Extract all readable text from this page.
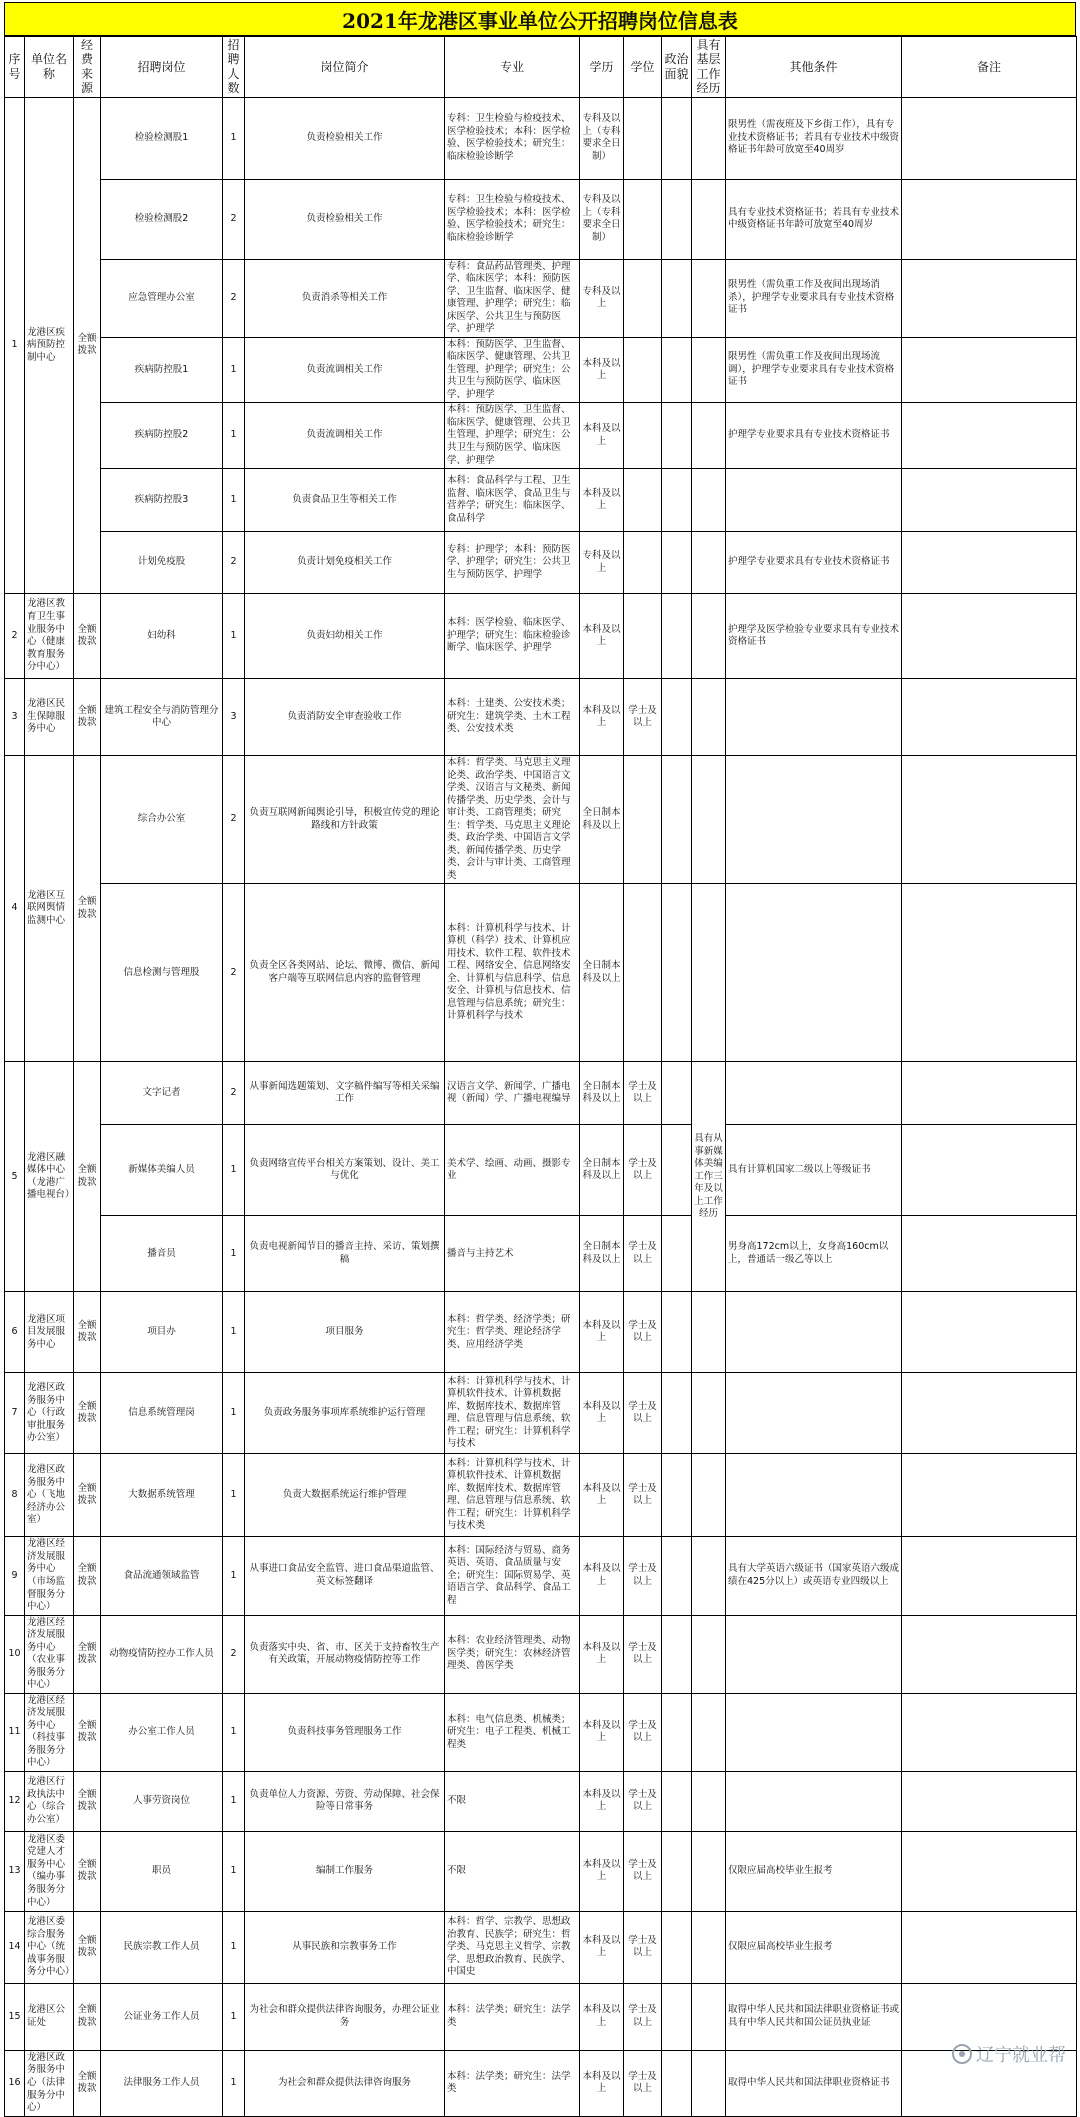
2021年龙港区事业单位公开招聘岗位信息表
序号	单位名称	经费来源	招聘岗位	招聘人数	岗位简介	专业	学历	学位	政治面貌	具有基层工作经历	其他条件	备注
1	龙港区疾病预防控制中心	全额拨款	检验检测股1	1	负责检验相关工作	专科：卫生检验与检疫技术、医学检验技术；本科：医学检验、医学检验技术；研究生：临床检验诊断学	专科及以上（专科要求全日制）				限男性（需夜班及下乡街工作），具有专业技术资格证书；若具有专业技术中级资格证书年龄可放宽至40周岁	
			检验检测股2	2	负责检验相关工作	专科：卫生检验与检疫技术、医学检验技术；本科：医学检验、医学检验技术；研究生：临床检验诊断学	专科及以上（专科要求全日制）				具有专业技术资格证书；若具有专业技术中级资格证书年龄可放宽至40周岁	
			应急管理办公室	2	负责消杀等相关工作	专科：食品药品管理类、护理学、临床医学；本科：预防医学、卫生监督、临床医学、健康管理、护理学；研究生：临床医学、公共卫生与预防医学、护理学	专科及以上				限男性（需负重工作及夜间出现场消杀），护理学专业要求具有专业技术资格证书	
			疾病防控股1	1	负责流调相关工作	本科：预防医学、卫生监督、临床医学、健康管理、公共卫生管理、护理学；研究生：公共卫生与预防医学、临床医学、护理学	本科及以上				限男性（需负重工作及夜间出现场流调），护理学专业要求具有专业技术资格证书	
			疾病防控股2	1	负责流调相关工作	本科：预防医学、卫生监督、临床医学、健康管理、公共卫生管理、护理学；研究生：公共卫生与预防医学、临床医学、护理学	本科及以上				护理学专业要求具有专业技术资格证书	
			疾病防控股3	1	负责食品卫生等相关工作	本科：食品科学与工程、卫生监督、临床医学、食品卫生与营养学；研究生：临床医学、食品科学	本科及以上					
			计划免疫股	2	负责计划免疫相关工作	专科：护理学；本科：预防医学、护理学；研究生：公共卫生与预防医学、护理学	专科及以上				护理学专业要求具有专业技术资格证书	
2	龙港区教育卫生事业服务中心（健康教育服务分中心）	全额拨款	妇幼科	1	负责妇幼相关工作	本科：医学检验、临床医学、护理学；研究生：临床检验诊断学、临床医学、护理学	本科及以上				护理学及医学检验专业要求具有专业技术资格证书	
3	龙港区民生保障服务中心	全额拨款	建筑工程安全与消防管理分中心	3	负责消防安全审查验收工作	本科：土建类、公安技术类；研究生：建筑学类、土木工程类、公安技术类	本科及以上	学士及以上				
4	龙港区互联网舆情监测中心	全额拨款	综合办公室	2	负责互联网新闻舆论引导，积极宣传党的理论路线和方针政策	本科：哲学类、马克思主义理论类、政治学类、中国语言文学类、汉语言与文秘类、新闻传播学类、历史学类、会计与审计类、工商管理类；研究生：哲学类、马克思主义理论类、政治学类、中国语言文学类、新闻传播学类、历史学类、会计与审计类、工商管理类	全日制本科及以上					
			信息检测与管理股	2	负责全区各类网站、论坛、微博、微信、新闻客户端等互联网信息内容的监督管理	本科：计算机科学与技术、计算机（科学）技术、计算机应用技术、软件工程、软件技术工程、网络安全、信息网络安全、计算机与信息科学、信息安全、计算机与信息技术、信息管理与信息系统；研究生：计算机科学与技术	全日制本科及以上					
5	龙港区融媒体中心（龙港广播电视台）	全额拨款	文字记者	2	从事新闻选题策划、文字稿件编写等相关采编工作	汉语言文学、新闻学、广播电视（新闻）学、广播电视编导	全日制本科及以上	学士及以上		具有从事新媒体美编工作三年及以上工作经历		
			新媒体美编人员	1	负责网络宣传平台相关方案策划、设计、美工与优化	美术学、绘画、动画、摄影专业	全日制本科及以上	学士及以上			具有计算机国家二级以上等级证书	
			播音员	1	负责电视新闻节目的播音主持、采访、策划撰稿	播音与主持艺术	全日制本科及以上	学士及以上			男身高172cm以上，女身高160cm以上，普通话一级乙等以上	
6	龙港区项目发展服务中心	全额拨款	项目办	1	项目服务	本科：哲学类、经济学类；研究生：哲学类、理论经济学类、应用经济学类	本科及以上	学士及以上				
7	龙港区政务服务中心（行政审批服务办公室）	全额拨款	信息系统管理岗	1	负责政务服务事项库系统维护运行管理	本科：计算机科学与技术、计算机软件技术、计算机数据库、数据库技术、数据库管理、信息管理与信息系统、软件工程；研究生：计算机科学与技术	本科及以上	学士及以上				
8	龙港区政务服务中心（飞地经济办公室）	全额拨款	大数据系统管理	1	负责大数据系统运行维护管理	本科：计算机科学与技术、计算机软件技术、计算机数据库、数据库技术、数据库管理、信息管理与信息系统、软件工程；研究生：计算机科学与技术类	本科及以上	学士及以上				
9	龙港区经济发展服务中心（市场监督服务分中心）	全额拨款	食品流通领域监管	1	从事进口食品安全监管、进口食品渠道监管、英文标签翻译	本科：国际经济与贸易、商务英语、英语、食品质量与安全；研究生：国际贸易学、英语语言学、食品科学、食品工程	本科及以上	学士及以上			具有大学英语六级证书（国家英语六级成绩在425分以上）或英语专业四级以上	
10	龙港区经济发展服务中心（农业事务服务分中心）	全额拨款	动物疫情防控办工作人员	2	负责落实中央、省、市、区关于支持畜牧生产有关政策，开展动物疫情防控等工作	本科：农业经济管理类、动物医学类；研究生：农林经济管理类、兽医学类	本科及以上	学士及以上				
11	龙港区经济发展服务中心（科技事务服务分中心）	全额拨款	办公室工作人员	1	负责科技事务管理服务工作	本科：电气信息类、机械类；研究生：电子工程类、机械工程类	本科及以上	学士及以上				
12	龙港区行政执法中心（综合办公室）	全额拨款	人事劳资岗位	1	负责单位人力资源、劳资、劳动保障、社会保险等日常事务	不限	本科及以上	学士及以上				
13	龙港区委党建人才服务中心（编办事务服务分中心）	全额拨款	职员	1	编制工作服务	不限	本科及以上	学士及以上			仅限应届高校毕业生报考	
14	龙港区委综合服务中心（统战事务服务分中心）	全额拨款	民族宗教工作人员	1	从事民族和宗教事务工作	本科：哲学、宗教学、思想政治教育、民族学；研究生：哲学类、马克思主义哲学、宗教学、思想政治教育、民族学、中国史	本科及以上	学士及以上			仅限应届高校毕业生报考	
15	龙港区公证处	全额拨款	公证业务工作人员	1	为社会和群众提供法律咨询服务，办理公证业务	本科：法学类；研究生：法学类	本科及以上	学士及以上			取得中华人民共和国法律职业资格证书或具有中华人民共和国公证员执业证	
16	龙港区政务服务中心（法律服务分中心）	全额拨款	法律服务工作人员	1	为社会和群众提供法律咨询服务	本科：法学类；研究生：法学类	本科及以上	学士及以上			取得中华人民共和国法律职业资格证书		辽宁就业帮
